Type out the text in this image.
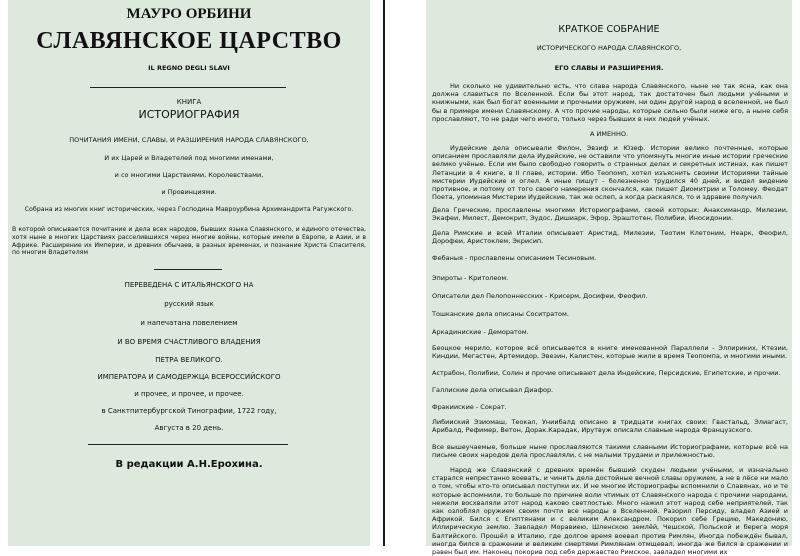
МАУРО ОРБИНИ
СЛАВЯНСКОЕ ЦАРСТВО
IL REGNO DEGLI SLAVI
КНИГА
ИСТОРИОГРАФИЯ
ПОЧИТАНИЯ ИМЕНИ, СЛАВЫ, И РАЗШИРЕНИЯ НАРОДА СЛАВЯНСКОГО,
И их Царей и Владетелей под многими именами,
и со многими Царствиями, Королевствами,
и Провинциями.
Собрана из многих книг исторических, через Господина Мавроурбина Архимандрита Рагужского.
В которой описывается почитание и дела всех народов, бывших языка Славянского, и единого отечества, хотя ныне в многих Царствиях расселившихся через многие войны, которые имели в Европе, в Азии, и в Африке. Расширение их Империи, и древних обычаев, в разных временах, и познание Христа Спасителя, по многим Владетелям
ПЕРЕВЕДЕНА С ИТАЛЬЯНСКОГО НА
русский язык
и напечатана повелением
И ВО ВРЕМЯ СЧАСТЛИВОГО ВЛАДЕНИЯ
ПЕТРА ВЕЛИКОГО.
ИМПЕРАТОРА И САМОДЕРЖЦА ВСЕРОССИЙСКОГО
и прочее, и прочее, и прочее.
в Санктпитербургской Тинографии, 1722 году,
Августа в 20 день.
В редакции А.Н.Ерохина.
КРАТКОЕ СОБРАНИЕ
ИСТОРИЧЕСКОГО НАРОДА СЛАВЯНСКОГО,
ЕГО СЛАВЫ И РАЗШИРЕНИЯ.
Ни сколько не удивительно есть, что слава народа Славянского, ныне не так ясна, как она должна славиться по Вселенной. Если бы этот народ, так достаточен был людьми учёными и книжными, как был богат военными и прочными оружием, ни один другой народ в вселенной, не был бы в примере имени Славянскому. А что прочие народы, которые сильно были ниже его, а ныне себя прославляют, то не ради чего иного, только через бывших в них людей учёных.
А ИМЕННО.
Иудейские дела описывали Филон, Эвзиф и Юзеф. Истории велико почтенные, которые описанием прославляли дела Иудейские, не оставили что упомянуть многие иные истории греческие велико учёные. Если им было свободно говорить о странных делах и секретных истинах, как пишет Летанции в 4 книге, в II главе, истории. Ибо Теопомп, хотел изъяснить своими Историями тайные мистерии Иудейские и оглел. А иные пишут - болезненно трудился 40 дней, и видел видение противное, и потому от того своего намерения скончался, как пишет Диомитрии и Толомеу. Феодат Поета, упоминая Мистерии Иудейские, так же ослеп, а когда раскаялся, то и здравие получил.
Дела Греческие, прославлены многими Историографами, своей которых: Анаксимандр, Милезии, Экафеи, Милест, Демокрит, Эудос, Дишиарк, Эфор, Эраштотен, Полибии, Иносидонии.
Дела Римские и всей Италии описывает Аристид, Милезии, Теотим Клетоним, Неарк, Феофил, Дорофеи, Аристоклем, Экрисип.
Фебаныя - прославлены описанием Тесиновым.
Эпироты - Критолеом.
Описатели дел Пелопоннесских - Крисерм, Досифеи, Феофил.
Тошканские дела описаны Соситратом.
Аркадиниские - Деморатом.
Беоцкое мерило, которое всё описывается в книге именованной Параллели - Эллириких, Ктезии, Киндии, Мегастен, Артемидор, Эвезин, Калистен, которые жили в время Теопомпа, и многими иными.
Астрабон, Полибии, Солин и прочие описывают дела Индейские, Персидские, Египетские, и прочии.
Галлиские дела описывал Диафор.
Фракииские - Сократ.
Либииский Эзиомаш, Теокал, Униибалд описано в тридцати книгах своих: Гвастальд, Элиагаст, Арибалд, Рефимер, Ветон, Дорак.Карадак, Ирутвуж описали славные народа Французского.
Все вышеучаемые, больше ныне прославляются такими славными Историографами, которые всё на письме своих народов дела прославляли, с не малыми трудами и прилежностью.
Народ же Славянский с древних времён бывший скуден людьми учёными, и изначально старался непрестанно воевать, и чинить дела достойные вечной славы оружием, а не в лёсе ни мало о том, чтобы кто-то описывал поступки их. И не многие Историографы вспомнили о Славянах, но и те которые вспомнили, то больше по причине воли чтимых от Славянского народа с прочими народами, нежели восхваляли этот народ каково светлостью. Много нажил этот народ себе неприятелей, так как озлоблял оружием своим почти все народы в Вселенной. Разорил Персиду, владел Азией и Африкой. Бился с Египтянами и с великим Александром. Покорил себе Грецию, Македонию, Иллирическую землю. Завладел Моравиею, Шленскою землёй, Чешской, Польской и берега моря Балтийского. Прошёл в Италию, где долгое время воевал против Римлян, Иногда побеждён бывал, иногда бился в сражении и великим смертями Римлянам отмщевал, иногда же бился в сражении и равен был им. Наконец покорив под себя державство Римское, завладел многими их
